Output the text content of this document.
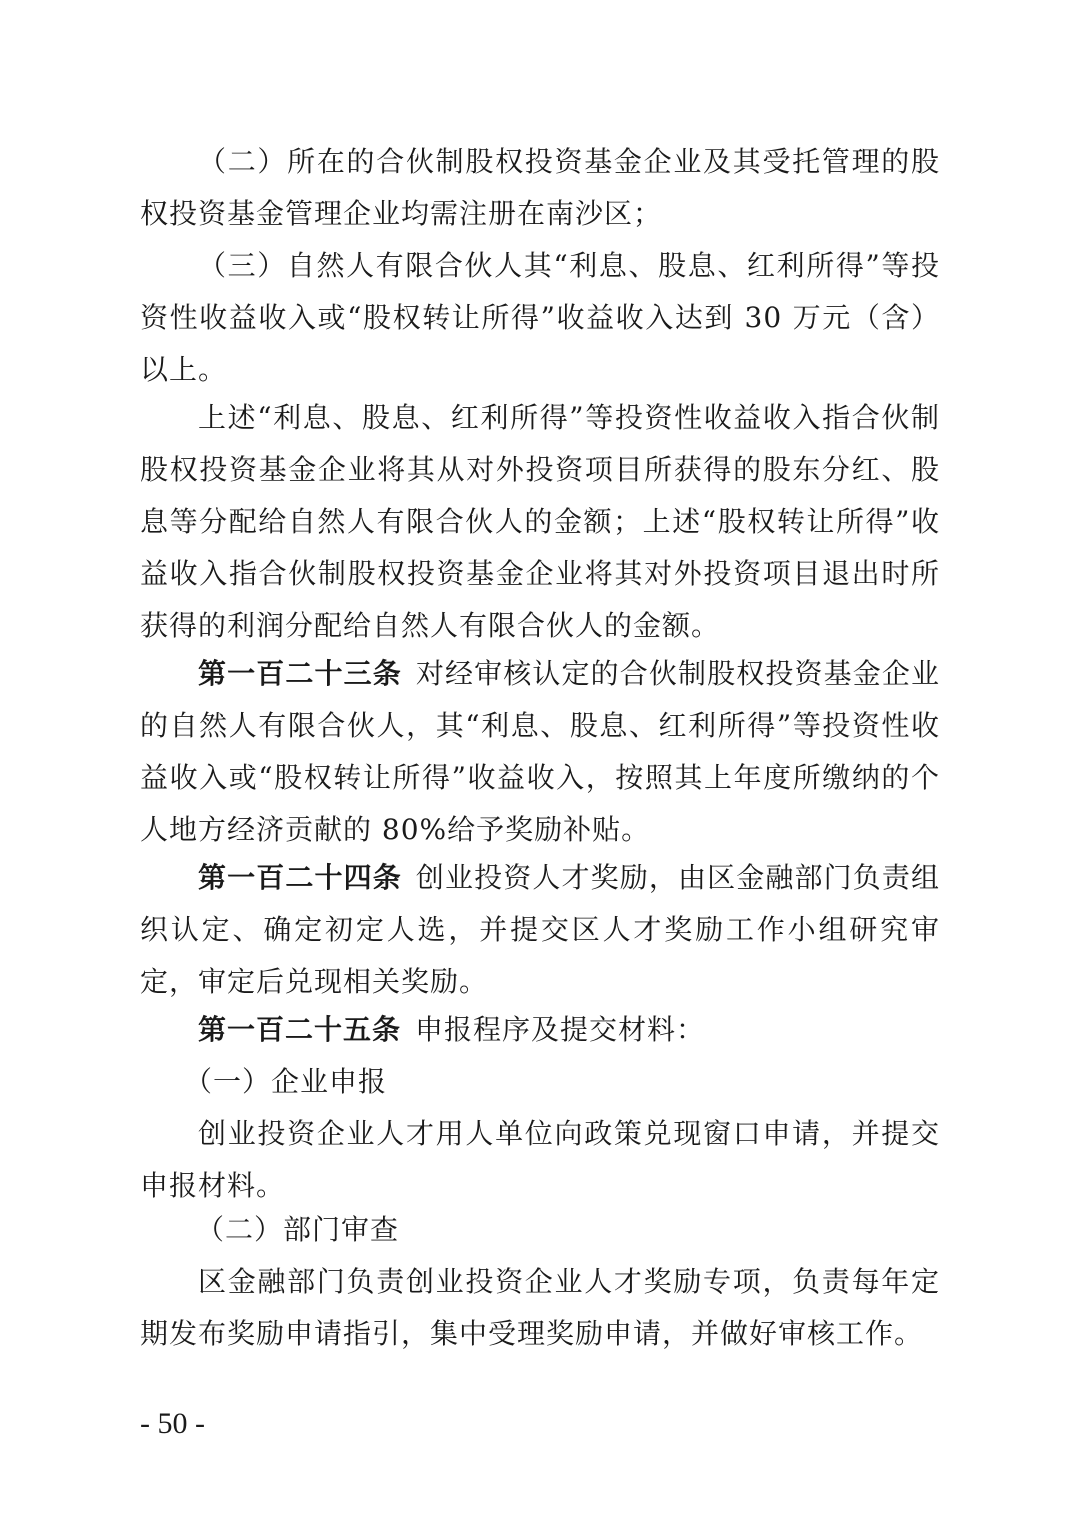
（二）所在的合伙制股权投资基金企业及其受托管理的股权投资基金管理企业均需注册在南沙区；

（三）自然人有限合伙人其“利息、股息、红利所得”等投资性收益收入或“股权转让所得”收益收入达到 30 万元（含）以上。

上述“利息、股息、红利所得”等投资性收益收入指合伙制股权投资基金企业将其从对外投资项目所获得的股东分红、股息等分配给自然人有限合伙人的金额；上述“股权转让所得”收益收入指合伙制股权投资基金企业将其对外投资项目退出时所获得的利润分配给自然人有限合伙人的金额。

第一百二十三条 对经审核认定的合伙制股权投资基金企业的自然人有限合伙人，其“利息、股息、红利所得”等投资性收益收入或“股权转让所得”收益收入，按照其上年度所缴纳的个人地方经济贡献的 80%给予奖励补贴。

第一百二十四条 创业投资人才奖励，由区金融部门负责组织认定、确定初定人选，并提交区人才奖励工作小组研究审定，审定后兑现相关奖励。

第一百二十五条 申报程序及提交材料：

（一）企业申报

创业投资企业人才用人单位向政策兑现窗口申请，并提交申报材料。

（二）部门审查

区金融部门负责创业投资企业人才奖励专项，负责每年定期发布奖励申请指引，集中受理奖励申请，并做好审核工作。

- 50 -
